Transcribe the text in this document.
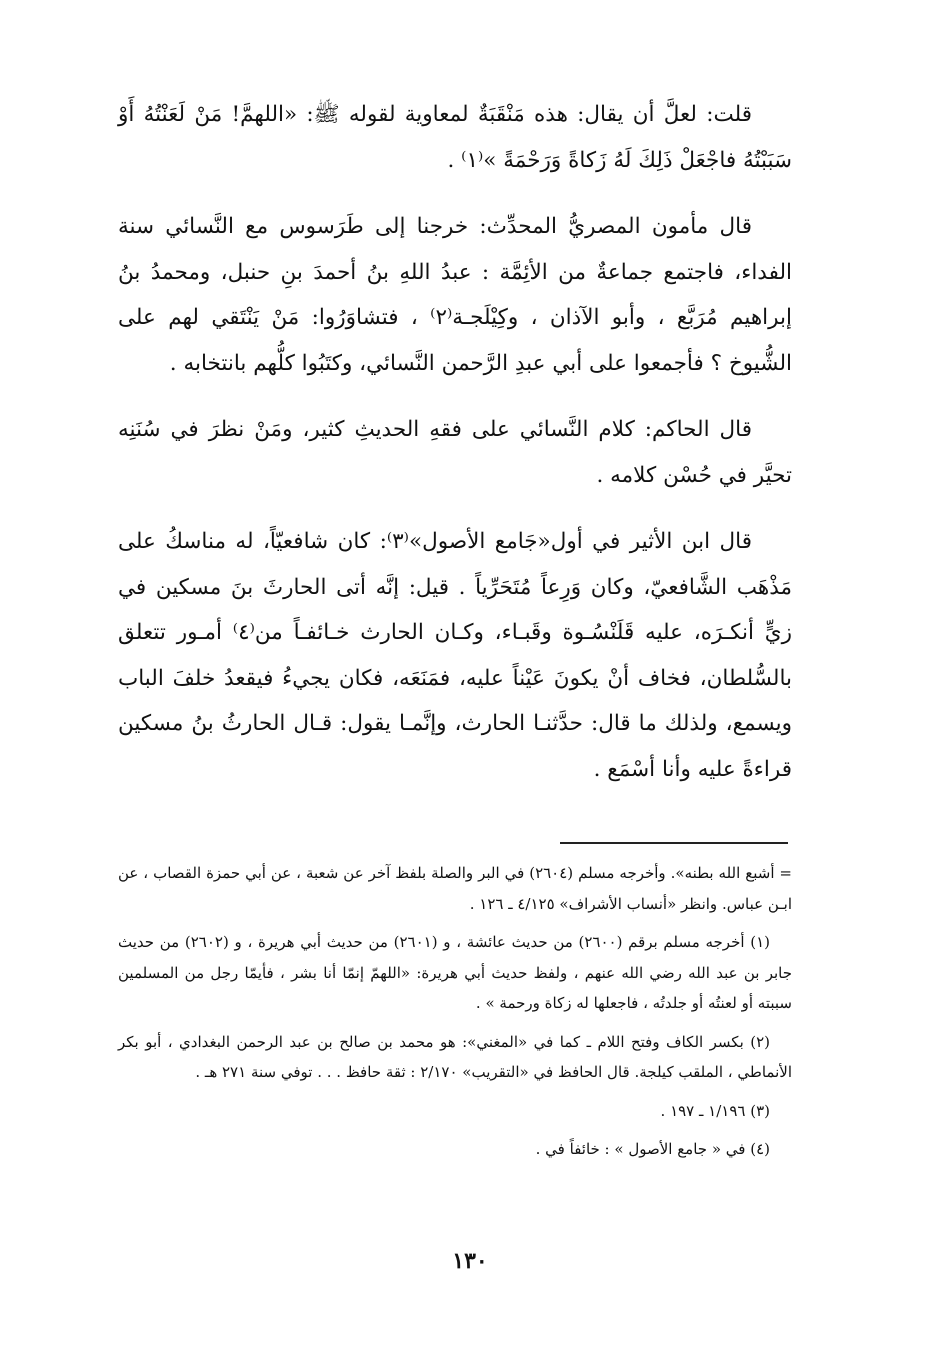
قلت: لعلَّ أن يقال: هذه مَنْقَبَةٌ لمعاوية لقوله ﷺ: «اللهمَّ! مَنْ لَعَنْتُهُ أَوْ سَبَبْتُهُ فاجْعَلْ ذَلِكَ لَهُ زَكاةً وَرَحْمَةً »⁽١⁾ .

قال مأمون المصريُّ المحدِّث: خرجنا إلى طَرَسوس مع النَّسائي سنة الفداء، فاجتمع جماعةٌ من الأئِمَّة : عبدُ اللهِ بنُ أحمدَ بنِ حنبل، ومحمدُ بنُ إبراهيم مُرَبَّع ، وأبو الآذان ، وكِيْلَجـة⁽٢⁾ ، فتشاوَرُوا: مَنْ يَنْتَقي لهم على الشُّيوخ ؟ فأجمعوا على أبي عبدِ الرَّحمن النَّسائي، وكتَبُوا كلُّهم بانتخابه .

قال الحاكم: كلام النَّسائي على فقهِ الحديثِ كثير، ومَنْ نظرَ في سُنَنِه تحيَّر في حُسْن كلامه .

قال ابن الأثير في أول«جَامع الأصول»⁽٣⁾: كان شافعيّاً، له مناسكُ على مَذْهَب الشَّافعيّ، وكان وَرِعاً مُتَحَرِّياً . قيل: إنَّه أتى الحارثَ بنَ مسكين في زيٍّ أنكـرَه، عليه قَلَنْسُـوة وقَبـاء، وكـان الحارث خـائفـاً من⁽٤⁾ أمـور تتعلق بالسُّلطان، فخاف أنْ يكونَ عَيْناً عليه، فمَنَعَه، فكان يجيءُ فيقعدُ خلفَ الباب ويسمع، ولذلك ما قال: حدَّثنـا الحارث، وإنَّمـا يقول: قـال الحارثُ بنُ مسكين قراءةً عليه وأنا أسْمَع .

= أشبع الله بطنه». وأخرجه مسلم (٢٦٠٤) في البر والصلة بلفظ آخر عن شعبة ، عن أبي حمزة القصاب ، عن ابـن عباس. وانظر «أنساب الأشراف» ٤/١٢٥ ـ ١٢٦ .

(١) أخرجه مسلم برقم (٢٦٠٠) من حديث عائشة ، و (٢٦٠١) من حديث أبي هريرة ، و (٢٦٠٢) من حديث جابر بن عبد الله رضي الله عنهم ، ولفظ حديث أبي هريرة: «اللهمّ إنمّا أنا بشر ، فأيمّا رجل من المسلمين سببته أو لعنتُه أو جلدتُه ، فاجعلها له زكاة ورحمة » .

(٢) بكسر الكاف وفتح اللام ـ كما في «المغني»: هو محمد بن صالح بن عبد الرحمن البغدادي ، أبو بكر الأنماطي ، الملقب كيلجة. قال الحافظ في «التقريب» ٢/١٧٠ : ثقة حافظ . . . توفي سنة ٢٧١ هـ .

(٣) ١/١٩٦ ـ ١٩٧ .

(٤) في « جامع الأصول » : خائفاً في .

١٣٠
